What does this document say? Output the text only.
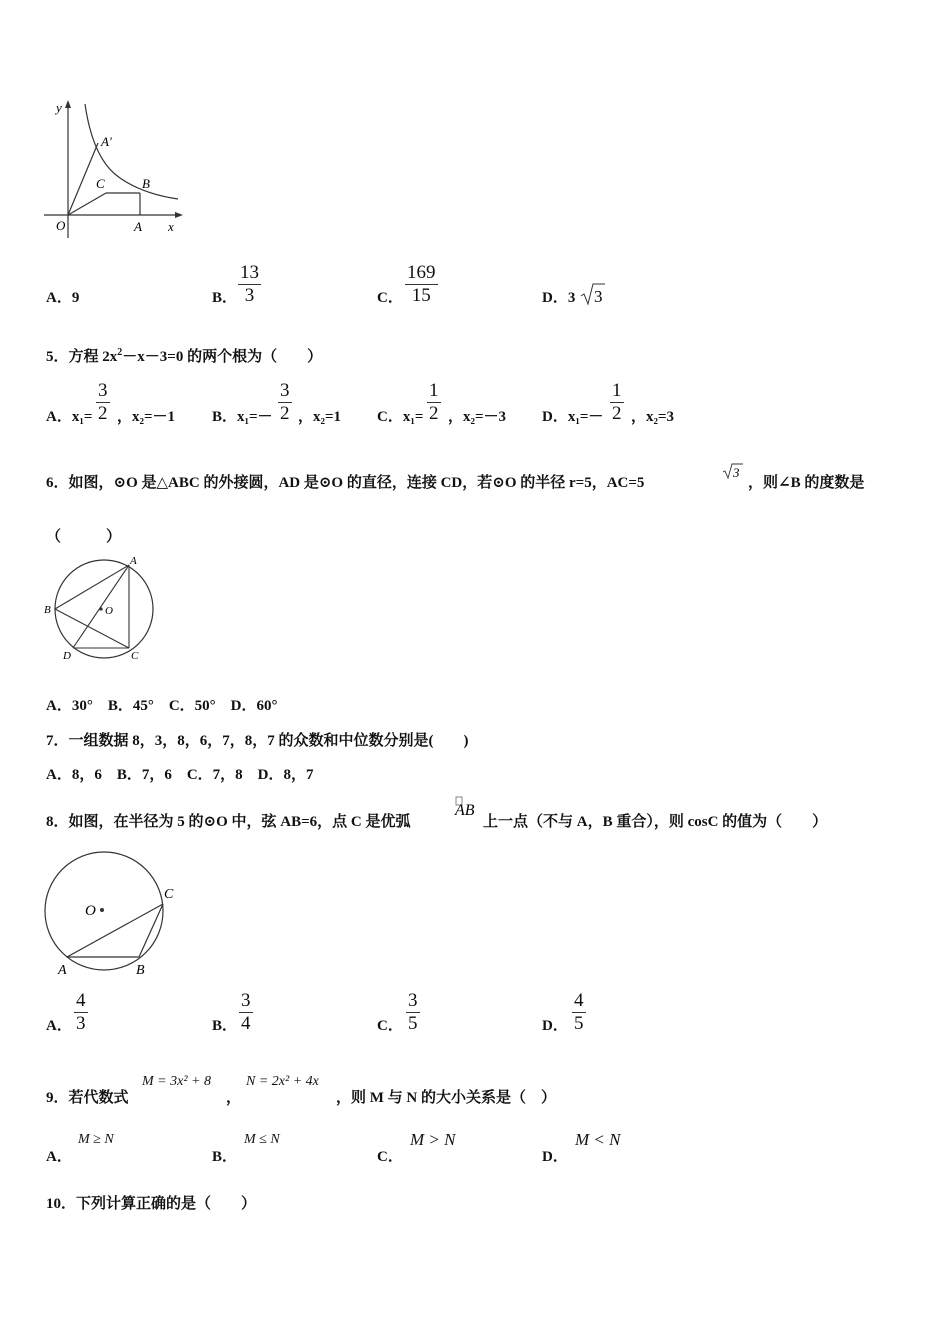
y
x
O	A
A′
B
C
A．9	B． $\frac{13}{3}$	C． $\frac{169}{15}$	D．3 3
5．方程 $2x^2-x-3=0$ 的两个根为（　　）
A．$x_1= \frac{3}{2}$ ，x₂=－1 B．$x_1=- \frac{3}{2}$ ，x₂=1 C．$x_1= \frac{1}{2}$ ，x₂=－3 D．$x_1=- \frac{1}{2}$ ，x₂=3
6．如图，⊙O 是△ABC 的外接圆，AD 是⊙O 的直径，连接 CD，若⊙O 的半径 r=5，AC=5
3
，则∠B 的度数是
（　　　）
A
B
C
D
O
A．30°　B．45°　C．50°　D．60°
7．一组数据 8，3，8，6，7，8，7 的众数和中位数分别是(　　)
A．8，6　B．7，6　C．7，8　D．8，7
8．如图，在半径为 5 的⊙O 中，弦 AB=6，点 C 是优弧
AB
上一点（不与 A，B 重合），则 cosC 的值为（　　）
O
A	B
C
A． $\frac{4}{3}$	B． $\frac{3}{4}$	C． $\frac{3}{5}$	D． $\frac{4}{5}$
9．若代数式
M = 3x² + 8
，
N = 2x² + 4x
，则 M 与 N 的大小关系是（　）
A．
M ≥ N
B．
M ≤ N
C．
M > N
D．
M < N
10．下列计算正确的是（　　）
